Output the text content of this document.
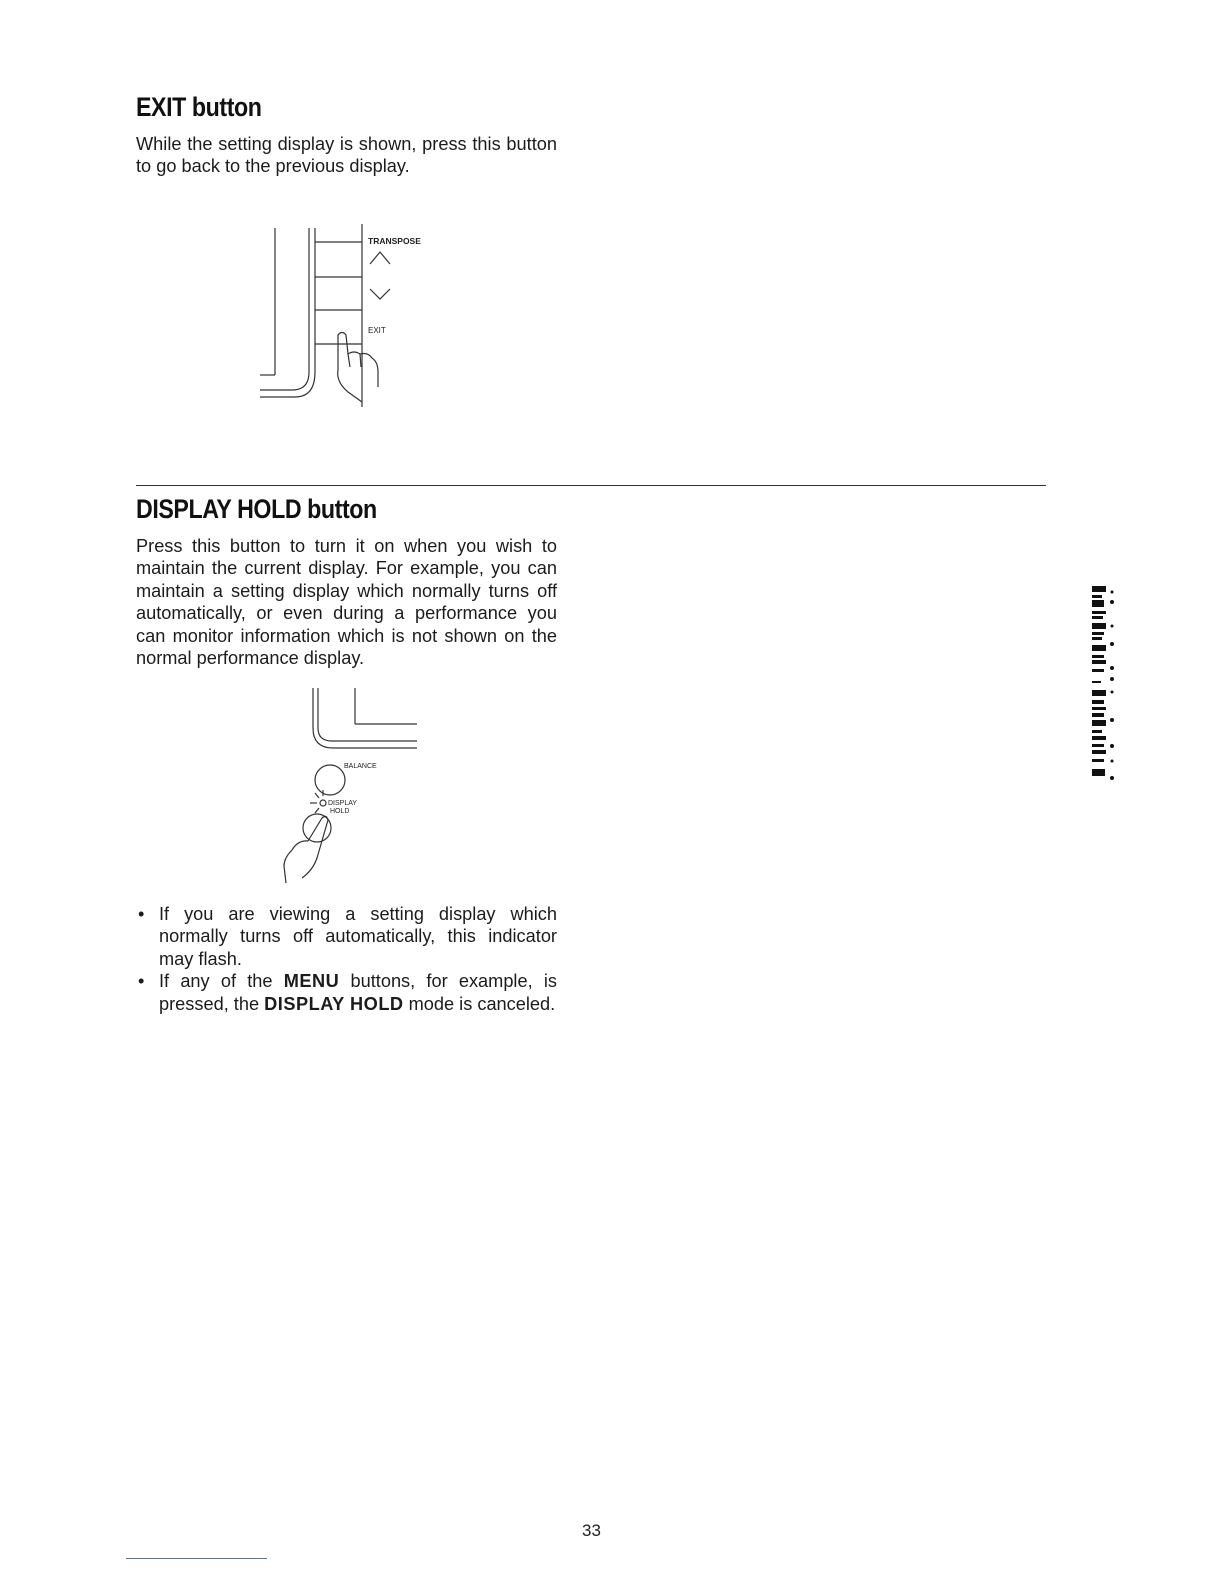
EXIT button

While the setting display is shown, press this button to go back to the previous display.

TRANSPOSE
EXIT
DISPLAY HOLD button

Press this button to turn it on when you wish to maintain the current display. For example, you can maintain a setting display which normally turns off automatically, or even during a performance you can monitor information which is not shown on the normal performance display.

BALANCE
DISPLAY
HOLD
• If you are viewing a setting display which normally turns off automatically, this indicator may flash.
• If any of the MENU buttons, for example, is pressed, the DISPLAY HOLD mode is canceled.
33
